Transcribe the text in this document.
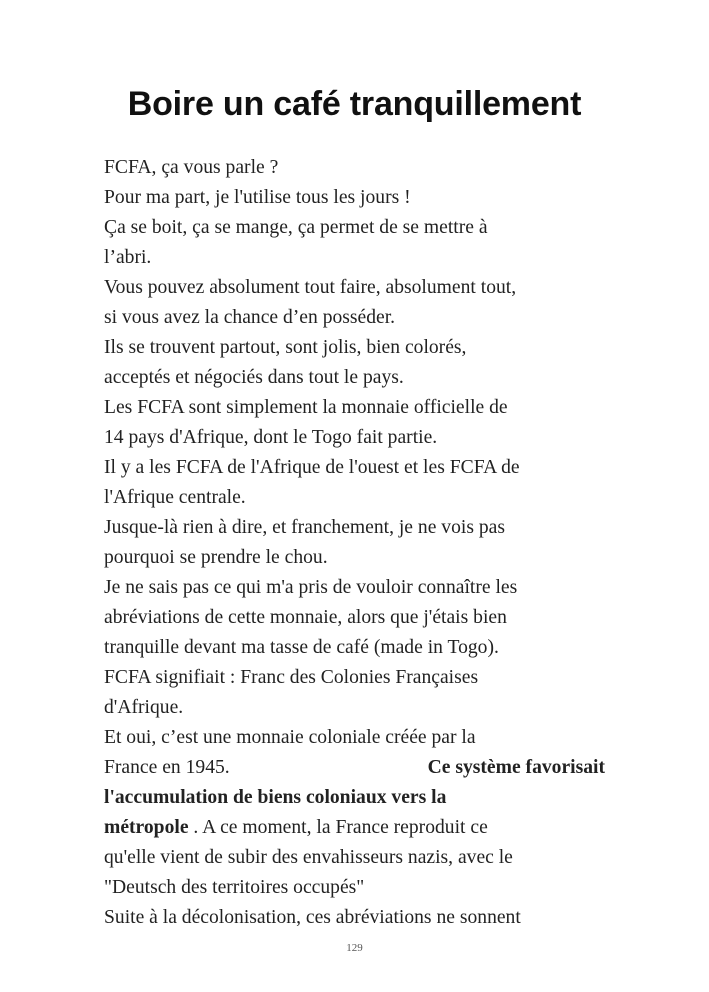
Boire un café tranquillement
FCFA, ça vous parle ?
Pour ma part, je l'utilise tous les jours !
Ça se boit, ça se mange, ça permet de se mettre à
l’abri.
Vous pouvez absolument tout faire, absolument tout,
si vous avez la chance d’en posséder.
Ils se trouvent partout, sont jolis, bien colorés,
acceptés et négociés dans tout le pays.
Les FCFA sont simplement la monnaie officielle de
14 pays d'Afrique, dont le Togo fait partie.
Il y a les FCFA de l'Afrique de l'ouest et les FCFA de
l'Afrique centrale.
Jusque-là rien à dire, et franchement, je ne vois pas
pourquoi se prendre le chou.
Je ne sais pas ce qui m'a pris de vouloir connaître les
abréviations de cette monnaie, alors que j'étais bien
tranquille devant ma tasse de café (made in Togo).
FCFA signifiait : Franc des Colonies Françaises
d'Afrique.
Et oui, c’est une monnaie coloniale créée par la
France en 1945.	Ce système favorisait
l'accumulation de biens coloniaux vers la
métropole . A ce moment, la France reproduit ce
qu'elle vient de subir des envahisseurs nazis, avec le
"Deutsch des territoires occupés"
Suite à la décolonisation, ces abréviations ne sonnent
129
